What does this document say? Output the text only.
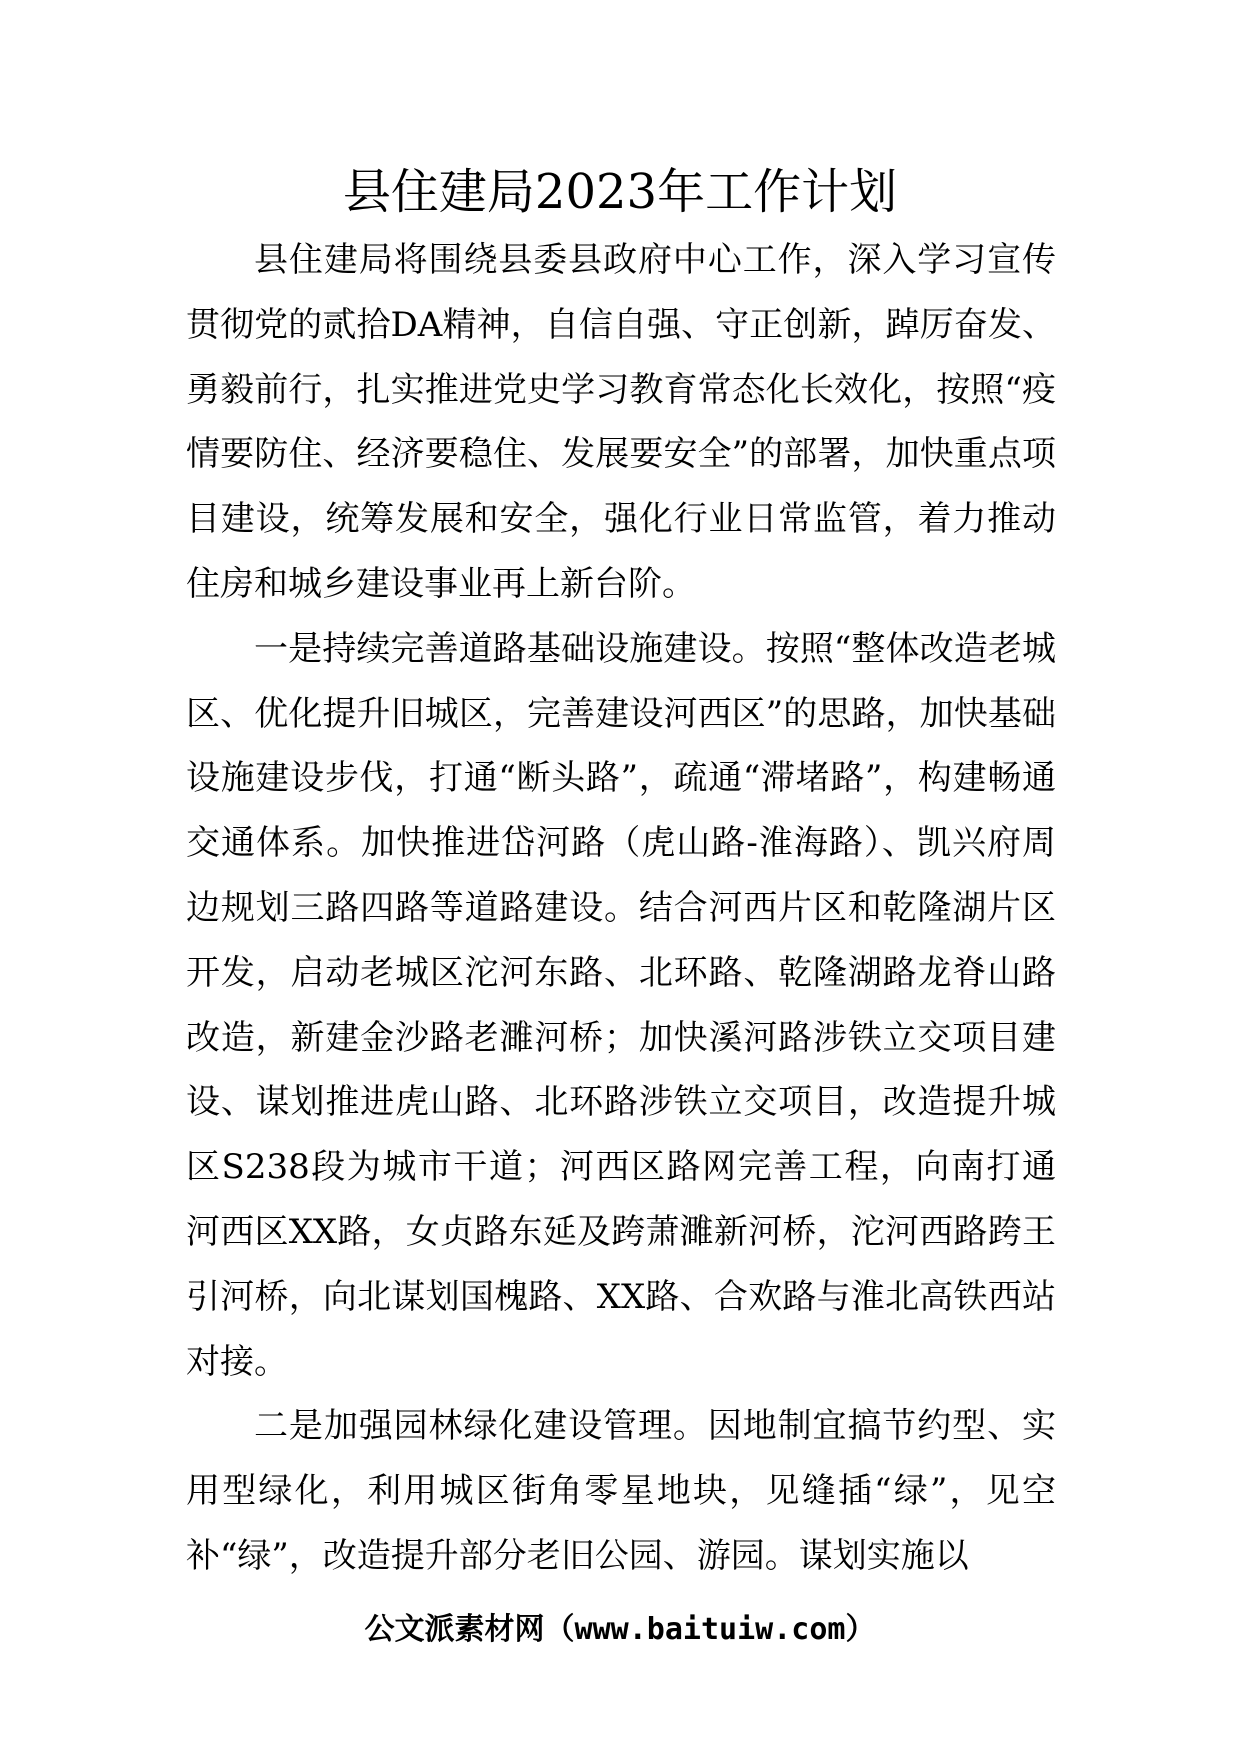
县住建局2023年工作计划

县住建局将围绕县委县政府中心工作，深入学习宣传贯彻党的贰拾DA精神，自信自强、守正创新，踔厉奋发、勇毅前行，扎实推进党史学习教育常态化长效化，按照“疫情要防住、经济要稳住、发展要安全”的部署，加快重点项目建设，统筹发展和安全，强化行业日常监管，着力推动住房和城乡建设事业再上新台阶。

一是持续完善道路基础设施建设。按照“整体改造老城区、优化提升旧城区，完善建设河西区”的思路，加快基础设施建设步伐，打通“断头路”，疏通“滞堵路”，构建畅通交通体系。加快推进岱河路（虎山路-淮海路）、凯兴府周边规划三路四路等道路建设。结合河西片区和乾隆湖片区开发，启动老城区沱河东路、北环路、乾隆湖路龙脊山路改造，新建金沙路老濉河桥；加快溪河路涉铁立交项目建设、谋划推进虎山路、北环路涉铁立交项目，改造提升城区S238段为城市干道；河西区路网完善工程，向南打通河西区XX路，女贞路东延及跨萧濉新河桥，沱河西路跨王引河桥，向北谋划国槐路、XX路、合欢路与淮北高铁西站对接。

二是加强园林绿化建设管理。因地制宜搞节约型、实用型绿化，利用城区街角零星地块，见缝插“绿”，见空补“绿”，改造提升部分老旧公园、游园。谋划实施以

公文派素材网（www.baituiw.com）
